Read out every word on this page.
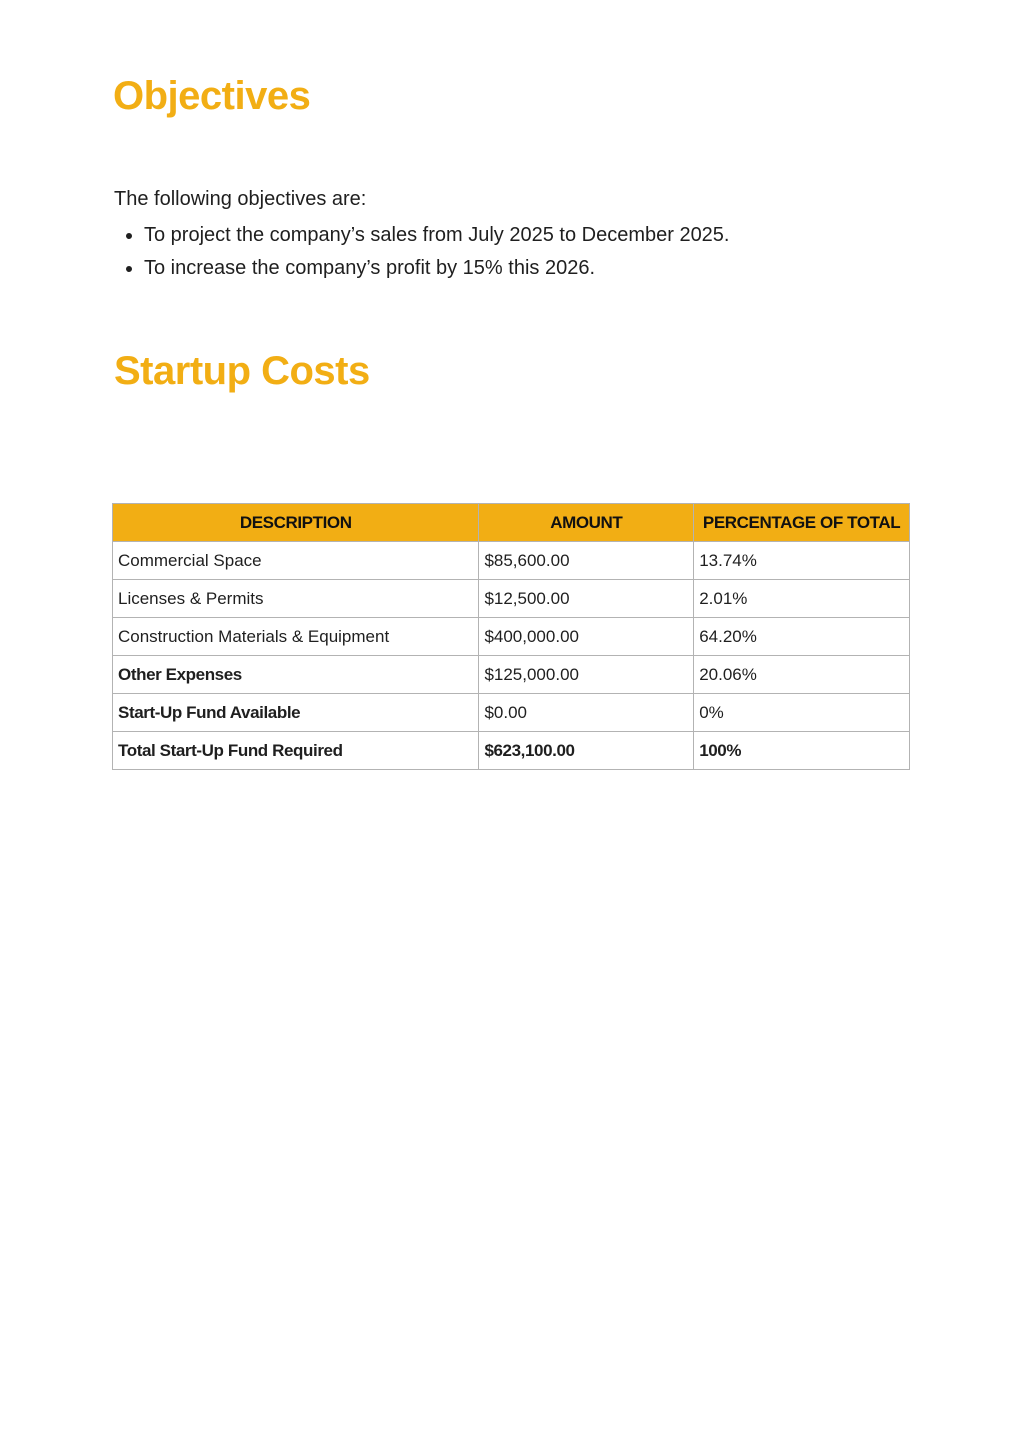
Objectives

The following objectives are:

• To project the company’s sales from July 2025 to December 2025.
• To increase the company’s profit by 15% this 2026.
Startup Costs
DESCRIPTION	AMOUNT	PERCENTAGE OF TOTAL
Commercial Space	$85,600.00	13.74%
Licenses & Permits	$12,500.00	2.01%
Construction Materials & Equipment	$400,000.00	64.20%
Other Expenses	$125,000.00	20.06%
Start-Up Fund Available	$0.00	0%
Total Start-Up Fund Required	$623,100.00	100%
